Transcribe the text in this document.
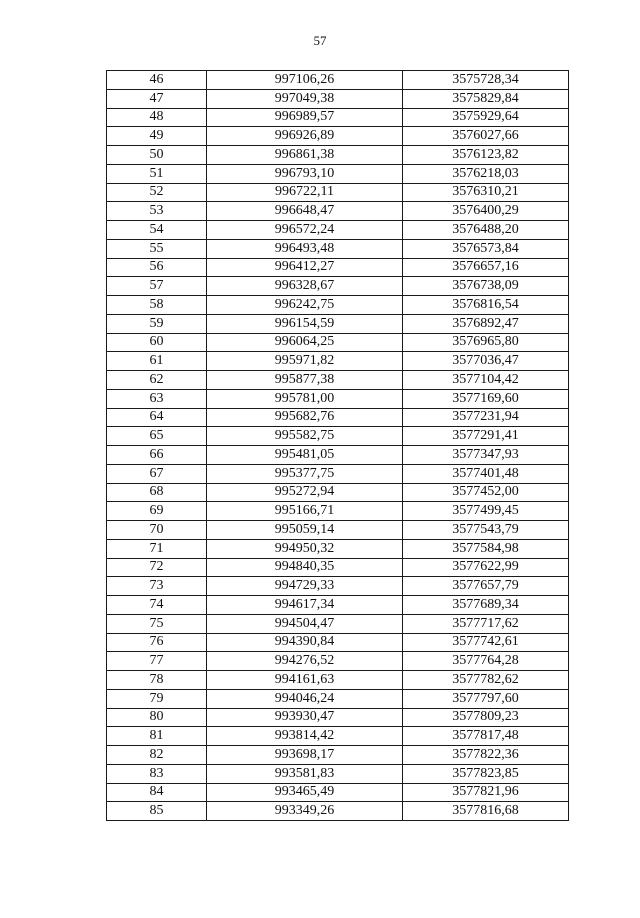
57
46	997106,26	3575728,34
47	997049,38	3575829,84
48	996989,57	3575929,64
49	996926,89	3576027,66
50	996861,38	3576123,82
51	996793,10	3576218,03
52	996722,11	3576310,21
53	996648,47	3576400,29
54	996572,24	3576488,20
55	996493,48	3576573,84
56	996412,27	3576657,16
57	996328,67	3576738,09
58	996242,75	3576816,54
59	996154,59	3576892,47
60	996064,25	3576965,80
61	995971,82	3577036,47
62	995877,38	3577104,42
63	995781,00	3577169,60
64	995682,76	3577231,94
65	995582,75	3577291,41
66	995481,05	3577347,93
67	995377,75	3577401,48
68	995272,94	3577452,00
69	995166,71	3577499,45
70	995059,14	3577543,79
71	994950,32	3577584,98
72	994840,35	3577622,99
73	994729,33	3577657,79
74	994617,34	3577689,34
75	994504,47	3577717,62
76	994390,84	3577742,61
77	994276,52	3577764,28
78	994161,63	3577782,62
79	994046,24	3577797,60
80	993930,47	3577809,23
81	993814,42	3577817,48
82	993698,17	3577822,36
83	993581,83	3577823,85
84	993465,49	3577821,96
85	993349,26	3577816,68
